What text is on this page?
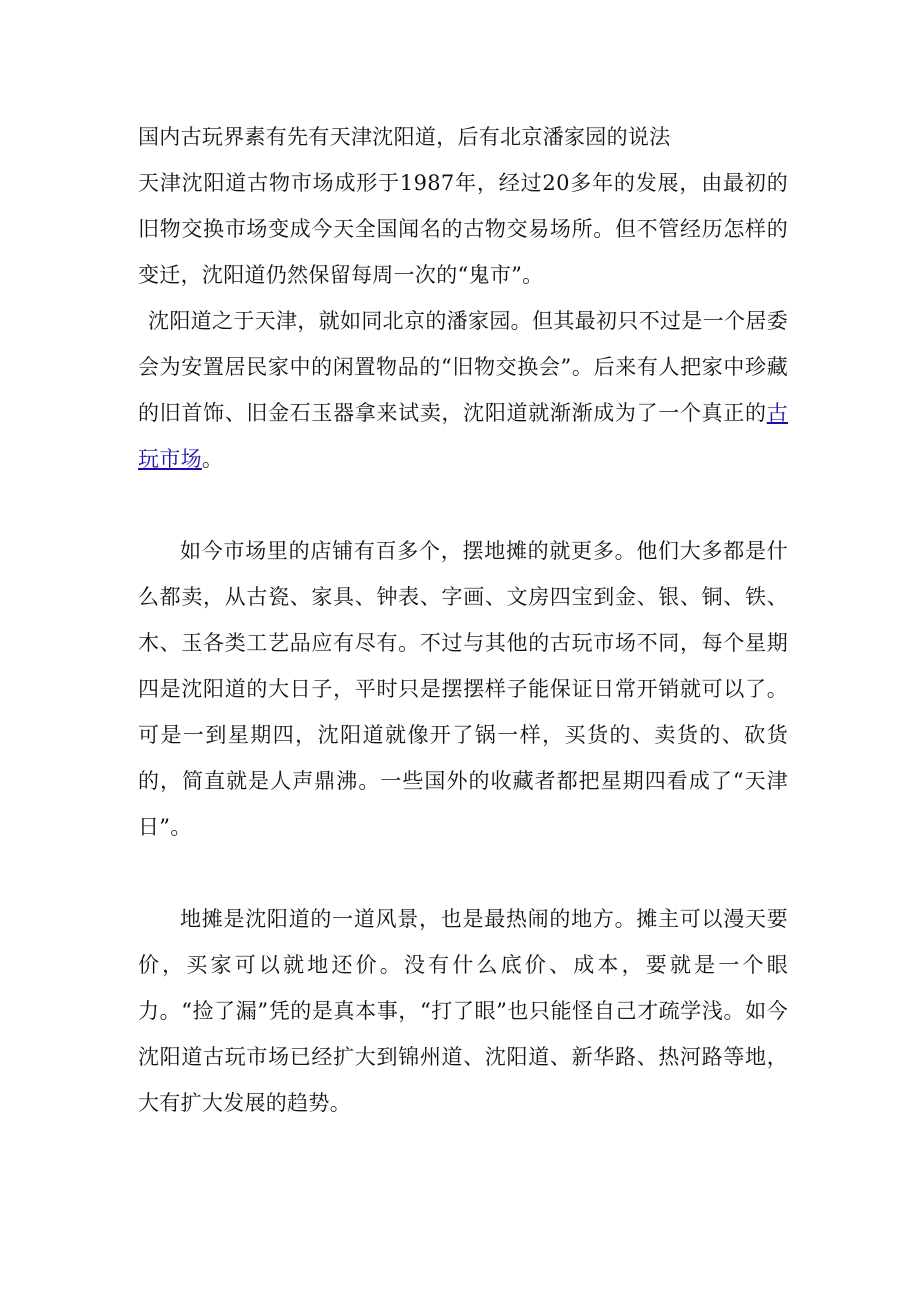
国内古玩界素有先有天津沈阳道，后有北京潘家园的说法

天津沈阳道古物市场成形于1987年，经过20多年的发展，由最初的旧物交换市场变成今天全国闻名的古物交易场所。但不管经历怎样的变迁，沈阳道仍然保留每周一次的“鬼市”。

沈阳道之于天津，就如同北京的潘家园。但其最初只不过是一个居委会为安置居民家中的闲置物品的“旧物交换会”。后来有人把家中珍藏的旧首饰、旧金石玉器拿来试卖，沈阳道就渐渐成为了一个真正的古玩市场。

如今市场里的店铺有百多个，摆地摊的就更多。他们大多都是什么都卖，从古瓷、家具、钟表、字画、文房四宝到金、银、铜、铁、木、玉各类工艺品应有尽有。不过与其他的古玩市场不同，每个星期四是沈阳道的大日子，平时只是摆摆样子能保证日常开销就可以了。可是一到星期四，沈阳道就像开了锅一样，买货的、卖货的、砍货的，简直就是人声鼎沸。一些国外的收藏者都把星期四看成了“天津日”。

地摊是沈阳道的一道风景，也是最热闹的地方。摊主可以漫天要价，买家可以就地还价。没有什么底价、成本，要就是一个眼力。“捡了漏”凭的是真本事，“打了眼”也只能怪自己才疏学浅。如今沈阳道古玩市场已经扩大到锦州道、沈阳道、新华路、热河路等地，大有扩大发展的趋势。
